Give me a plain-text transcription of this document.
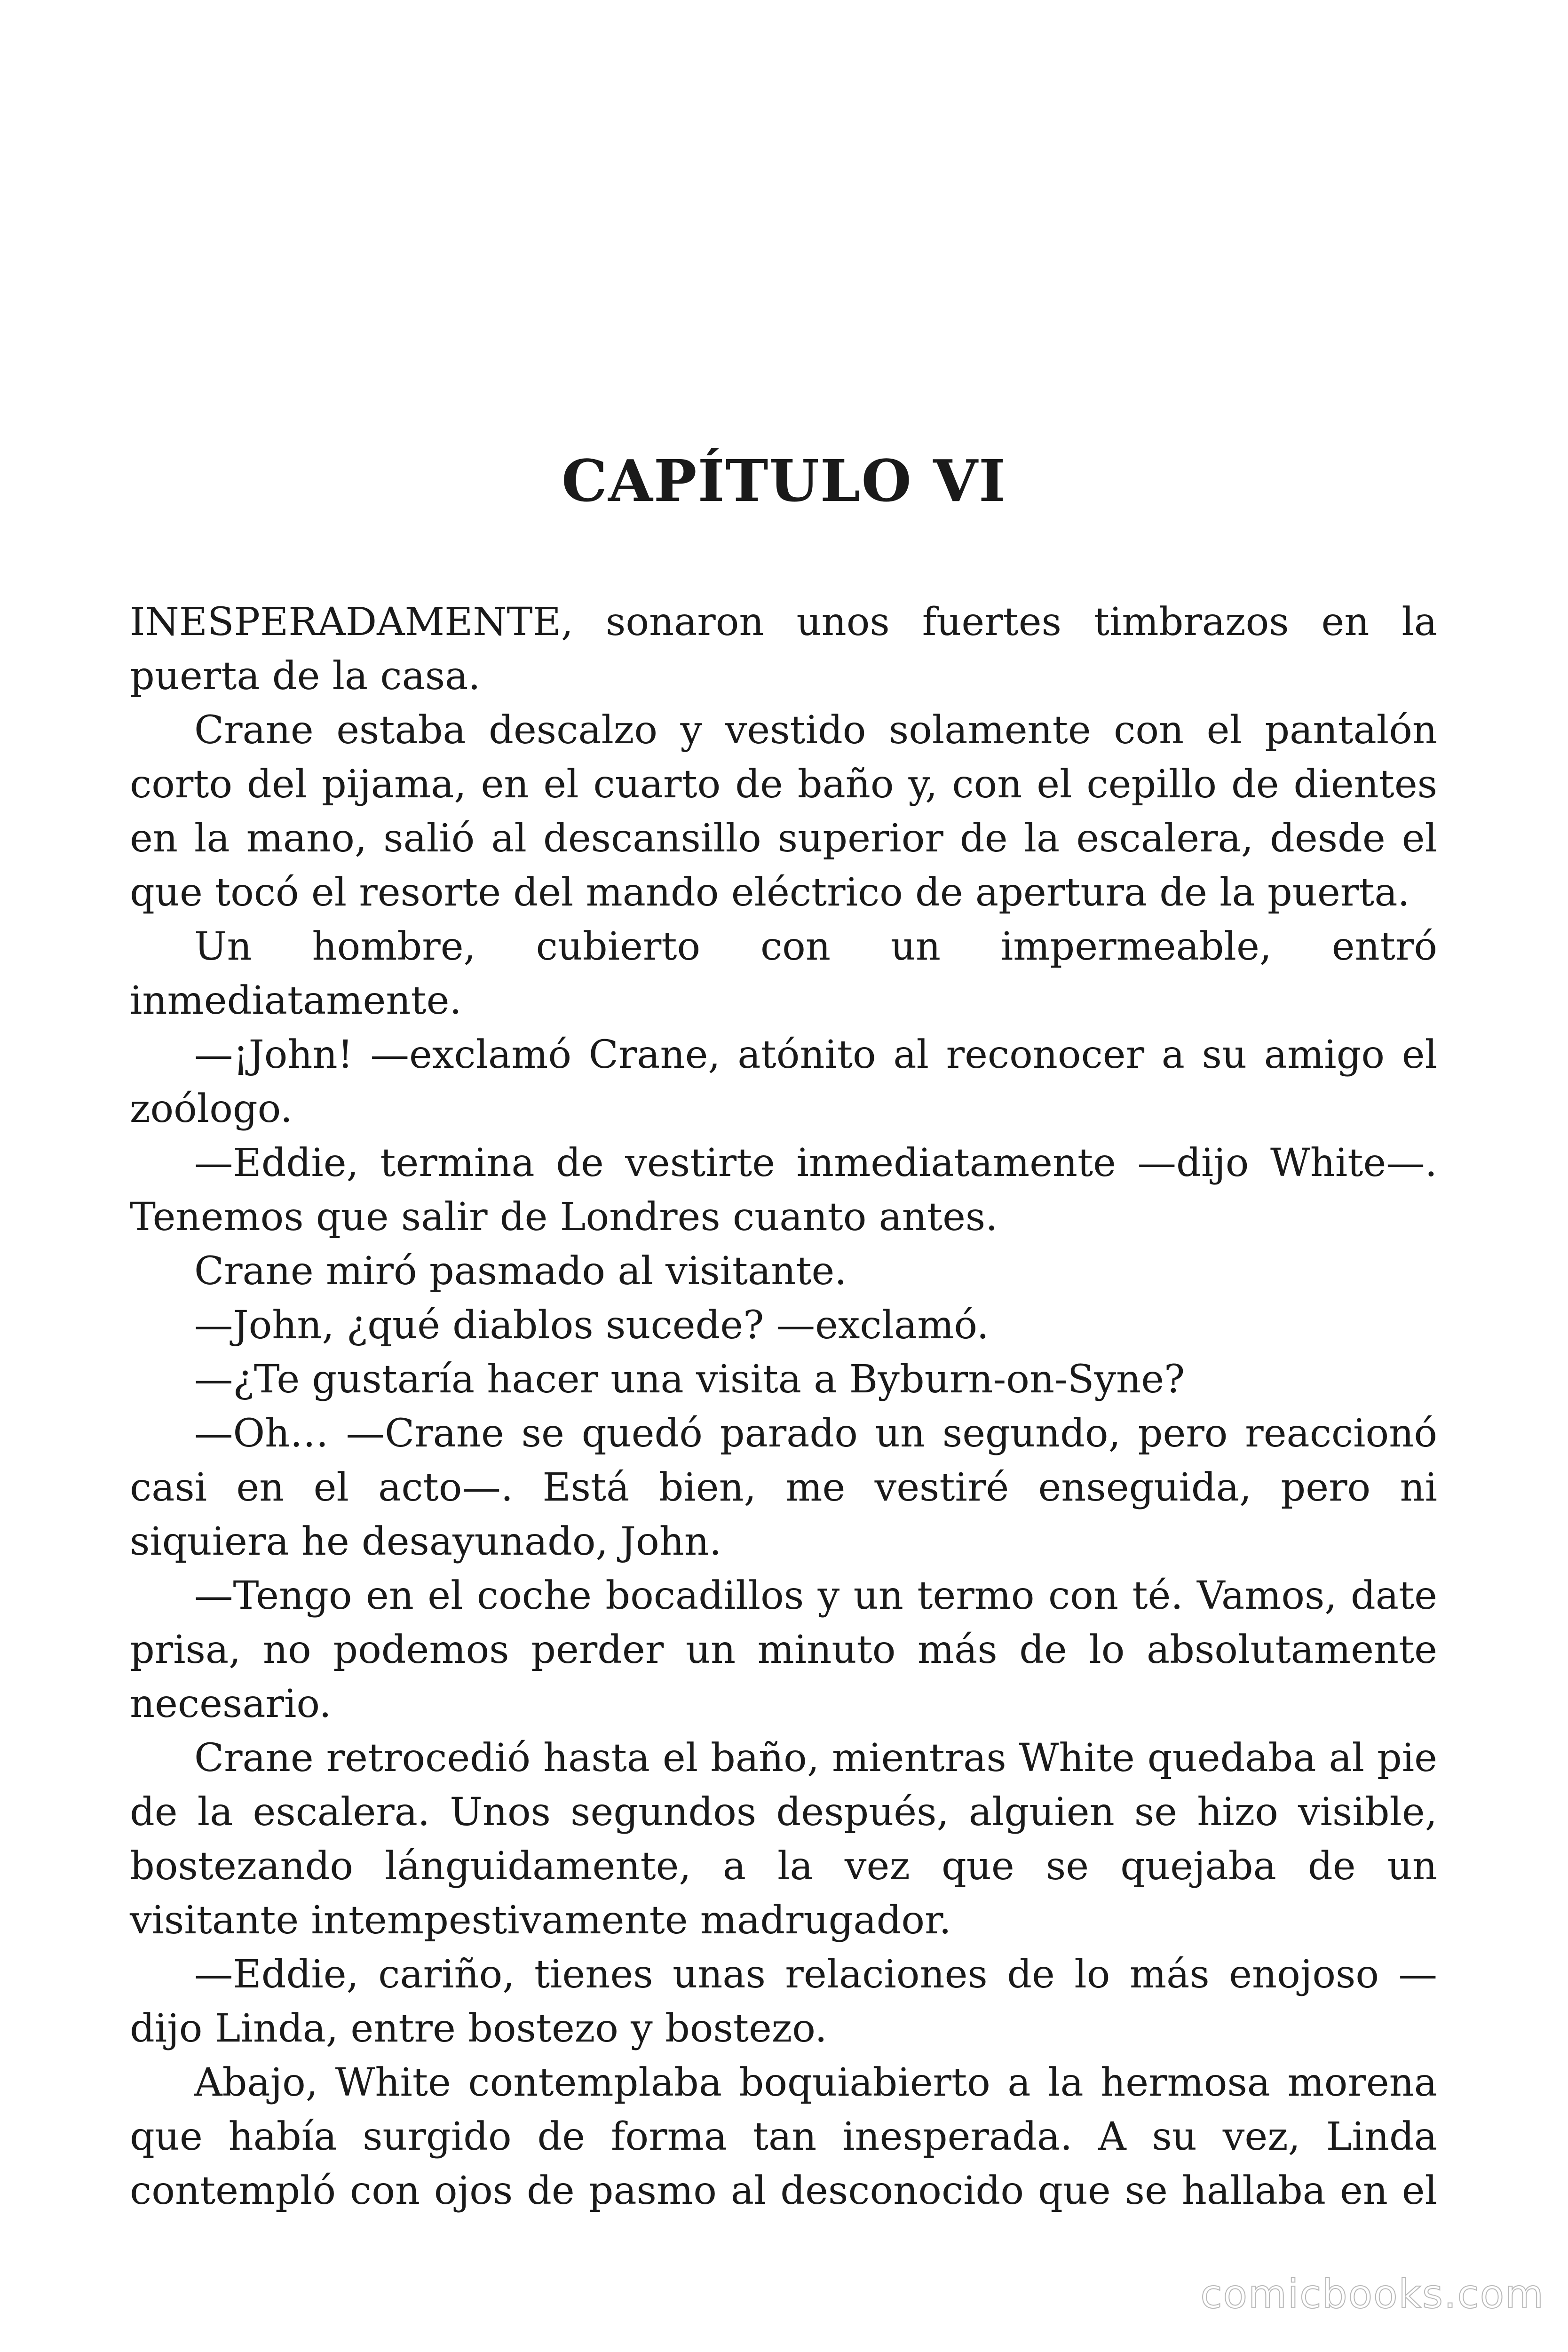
CAPÍTULO VI

INESPERADAMENTE, sonaron unos fuertes timbrazos en la puerta de la casa.

Crane estaba descalzo y vestido solamente con el pantalón corto del pijama, en el cuarto de baño y, con el cepillo de dientes en la mano, salió al descansillo superior de la escalera, desde el que tocó el resorte del mando eléctrico de apertura de la puerta.

Un hombre, cubierto con un impermeable, entró inmediatamente.

—¡John! —exclamó Crane, atónito al reconocer a su amigo el zoólogo.

—Eddie, termina de vestirte inmediatamente —dijo White—. Tenemos que salir de Londres cuanto antes.

Crane miró pasmado al visitante.

—John, ¿qué diablos sucede? —exclamó.

—¿Te gustaría hacer una visita a Byburn-on-Syne?

—Oh… —Crane se quedó parado un segundo, pero reaccionó casi en el acto—. Está bien, me vestiré enseguida, pero ni siquiera he desayunado, John.

—Tengo en el coche bocadillos y un termo con té. Vamos, date prisa, no podemos perder un minuto más de lo absolutamente necesario.

Crane retrocedió hasta el baño, mientras White quedaba al pie de la escalera. Unos segundos después, alguien se hizo visible, bostezando lánguidamente, a la vez que se quejaba de un visitante intempestivamente madrugador.

—Eddie, cariño, tienes unas relaciones de lo más enojoso —dijo Linda, entre bostezo y bostezo.

Abajo, White contemplaba boquiabierto a la hermosa morena que había surgido de forma tan inesperada. A su vez, Linda contempló con ojos de pasmo al desconocido que se hallaba en el

comicbooks.com
